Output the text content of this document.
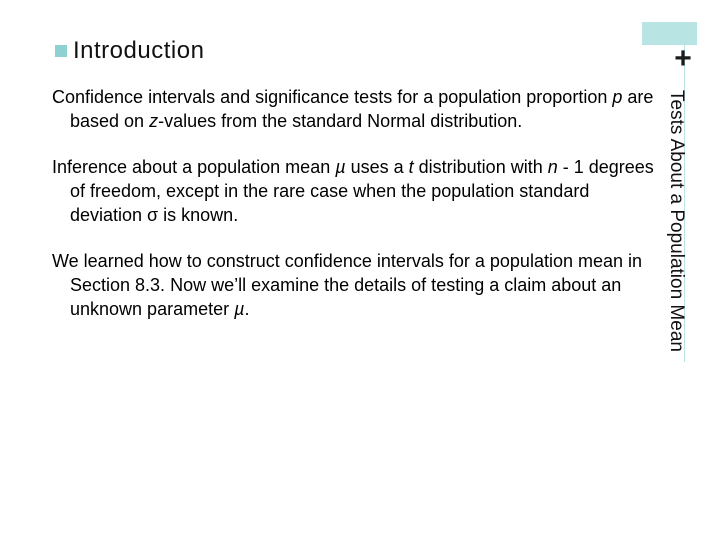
+
Introduction
Tests About a Population Mean

Confidence intervals and significance tests for a population proportion p are based on z-values from the standard Normal distribution.

Inference about a population mean µ uses a t distribution with n - 1 degrees of freedom, except in the rare case when the population standard deviation σ is known.

We learned how to construct confidence intervals for a population mean in Section 8.3. Now we’ll examine the details of testing a claim about an unknown parameter µ.
